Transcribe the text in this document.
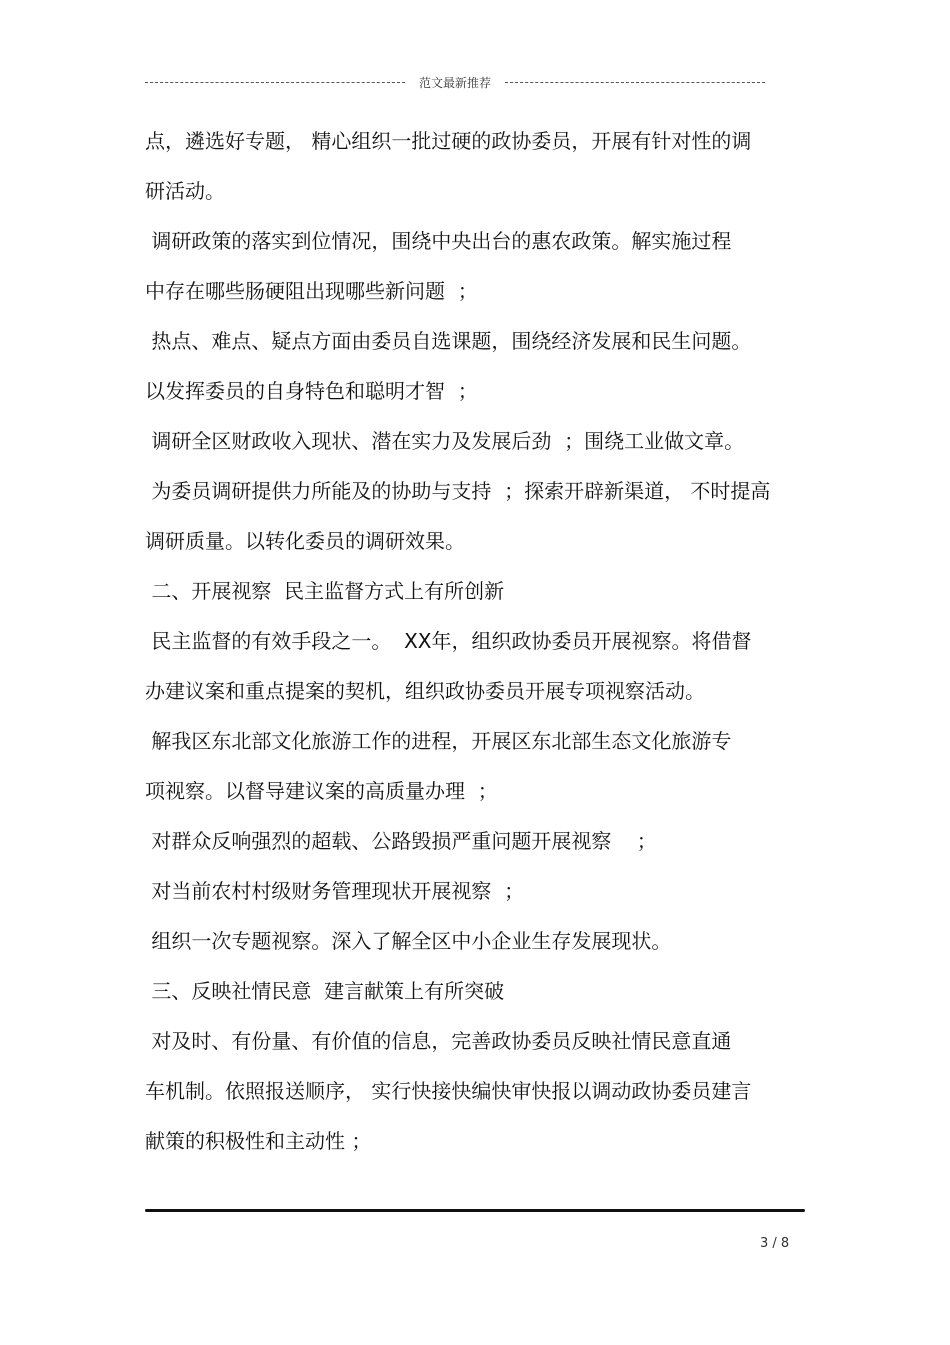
范文最新推荐
点，遴选好专题， 精心组织一批过硬的政协委员，开展有针对性的调
研活动。
调研政策的落实到位情况，围绕中央出台的惠农政策。解实施过程
中存在哪些肠硬阻出现哪些新问题  ；
热点、难点、疑点方面由委员自选课题，围绕经济发展和民生问题。
以发挥委员的自身特色和聪明才智  ；
调研全区财政收入现状、潜在实力及发展后劲  ；围绕工业做文章。
为委员调研提供力所能及的协助与支持  ；探索开辟新渠道， 不时提高
调研质量。以转化委员的调研效果。
二、开展视察  民主监督方式上有所创新
民主监督的有效手段之一。  XX年，组织政协委员开展视察。将借督
办建议案和重点提案的契机，组织政协委员开展专项视察活动。
解我区东北部文化旅游工作的进程，开展区东北部生态文化旅游专
项视察。以督导建议案的高质量办理  ；
对群众反响强烈的超载、公路毁损严重问题开展视察    ；
对当前农村村级财务管理现状开展视察  ；
组织一次专题视察。深入了解全区中小企业生存发展现状。
三、反映社情民意  建言献策上有所突破
对及时、有份量、有价值的信息，完善政协委员反映社情民意直通
车机制。依照报送顺序， 实行快接快编快审快报以调动政协委员建言
献策的积极性和主动性 ；
3 / 8
